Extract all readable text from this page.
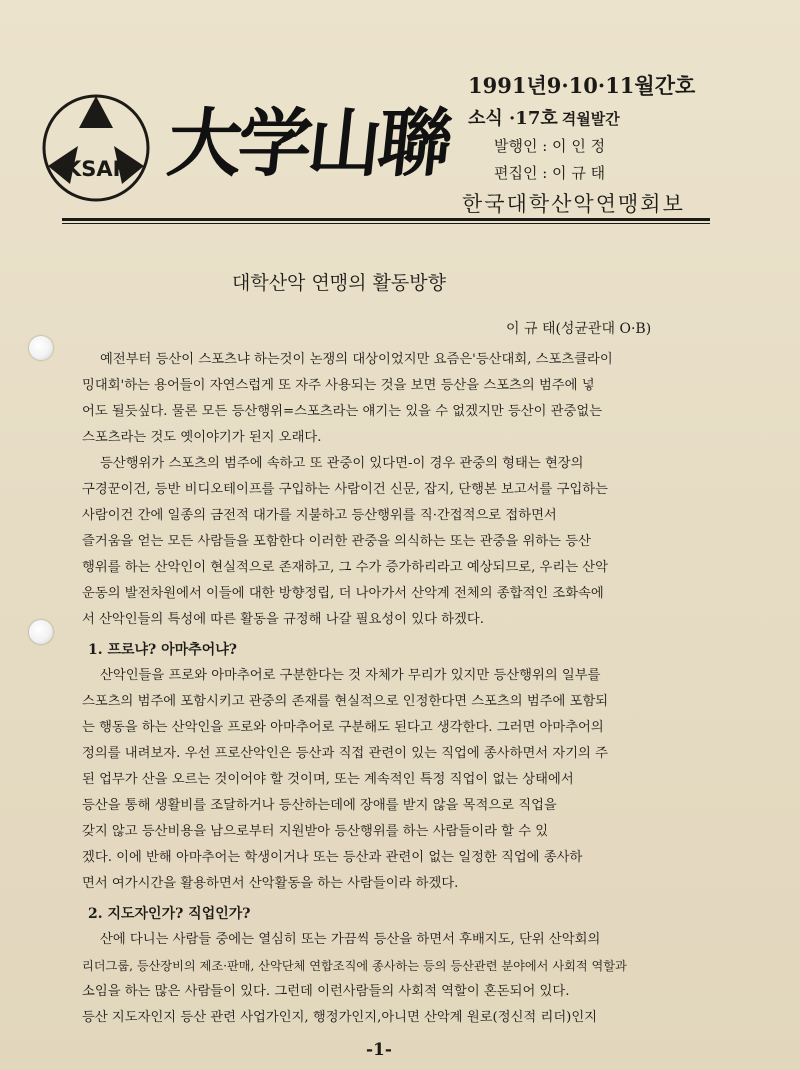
KSAF 大学山聯
1991년9·10·11월간호
소식 ·17호 격월발간
발행인 : 이 인 정
편집인 : 이 규 태
한국대학산악연맹회보
대학산악 연맹의 활동방향
이 규 태(성균관대 O·B)
예전부터 등산이 스포츠냐 하는것이 논쟁의 대상이었지만 요즘은'등산대회, 스포츠클라이
밍대회'하는 용어들이 자연스럽게 또 자주 사용되는 것을 보면 등산을 스포츠의 범주에 넣
어도 될듯싶다. 물론 모든 등산행위=스포츠라는 얘기는 있을 수 없겠지만 등산이 관중없는
스포츠라는 것도 옛이야기가 된지 오래다.
등산행위가 스포츠의 범주에 속하고 또 관중이 있다면-이 경우 관중의 형태는 현장의
구경꾼이건, 등반 비디오테이프를 구입하는 사람이건 신문, 잡지, 단행본 보고서를 구입하는
사람이건 간에 일종의 금전적 대가를 지불하고 등산행위를 직·간접적으로 접하면서
즐거움을 얻는 모든 사람들을 포함한다 이러한 관중을 의식하는 또는 관중을 위하는 등산
행위를 하는 산악인이 현실적으로 존재하고, 그 수가 증가하리라고 예상되므로, 우리는 산악
운동의 발전차원에서 이들에 대한 방향정립, 더 나아가서 산악계 전체의 종합적인 조화속에
서 산악인들의 특성에 따른 활동을 규정해 나갈 필요성이 있다 하겠다.
1. 프로냐? 아마추어냐?
산악인들을 프로와 아마추어로 구분한다는 것 자체가 무리가 있지만 등산행위의 일부를
스포츠의 범주에 포함시키고 관중의 존재를 현실적으로 인정한다면 스포츠의 범주에 포함되
는 행동을 하는 산악인을 프로와 아마추어로 구분해도 된다고 생각한다. 그러면 아마추어의
정의를 내려보자. 우선 프로산악인은 등산과 직접 관련이 있는 직업에 종사하면서 자기의 주
된 업무가 산을 오르는 것이어야 할 것이며, 또는 계속적인 특정 직업이 없는 상태에서
등산을 통해 생활비를 조달하거나 등산하는데에 장애를 받지 않을 목적으로 직업을
갖지 않고 등산비용을 남으로부터 지원받아 등산행위를 하는 사람들이라 할 수 있
겠다. 이에 반해 아마추어는 학생이거나 또는 등산과 관련이 없는 일정한 직업에 종사하
면서 여가시간을 활용하면서 산악활동을 하는 사람들이라 하겠다.
2. 지도자인가? 직업인가?
산에 다니는 사람들 중에는 열심히 또는 가끔씩 등산을 하면서 후배지도, 단위 산악회의
리더그룹, 등산장비의 제조·판매, 산악단체 연합조직에 종사하는 등의 등산관련 분야에서 사회적 역할과
소임을 하는 많은 사람들이 있다. 그런데 이런사람들의 사회적 역할이 혼돈되어 있다.
등산 지도자인지 등산 관련 사업가인지, 행정가인지,아니면 산악계 원로(정신적 리더)인지
-1-
